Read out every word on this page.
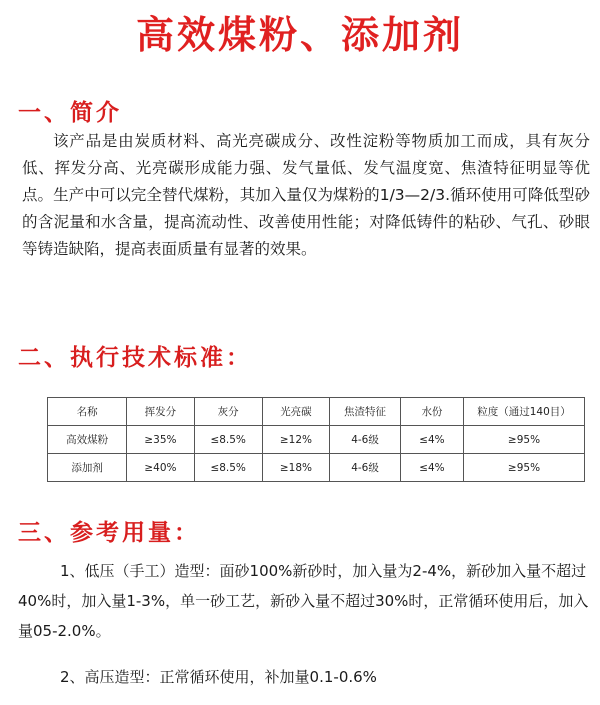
高效煤粉、添加剂
一、简介
该产品是由炭质材料、高光亮碳成分、改性淀粉等物质加工而成，具有灰分低、挥发分高、光亮碳形成能力强、发气量低、发气温度宽、焦渣特征明显等优点。生产中可以完全替代煤粉，其加入量仅为煤粉的1/3—2/3.循环使用可降低型砂的含泥量和水含量，提高流动性、改善使用性能；对降低铸件的粘砂、气孔、砂眼等铸造缺陷，提高表面质量有显著的效果。
二、执行技术标准：
名称	挥发分	灰分	光亮碳	焦渣特征	水份	粒度（通过140目）
高效煤粉	≥35%	≤8.5%	≥12%	4-6级	≤4%	≥95%
添加剂	≥40%	≤8.5%	≥18%	4-6级	≤4%	≥95%
三、参考用量：
1、低压（手工）造型：面砂100%新砂时，加入量为2-4%，新砂加入量不超过40%时，加入量1-3%，单一砂工艺，新砂入量不超过30%时，正常循环使用后，加入量05-2.0%。
2、高压造型：正常循环使用，补加量0.1-0.6%
